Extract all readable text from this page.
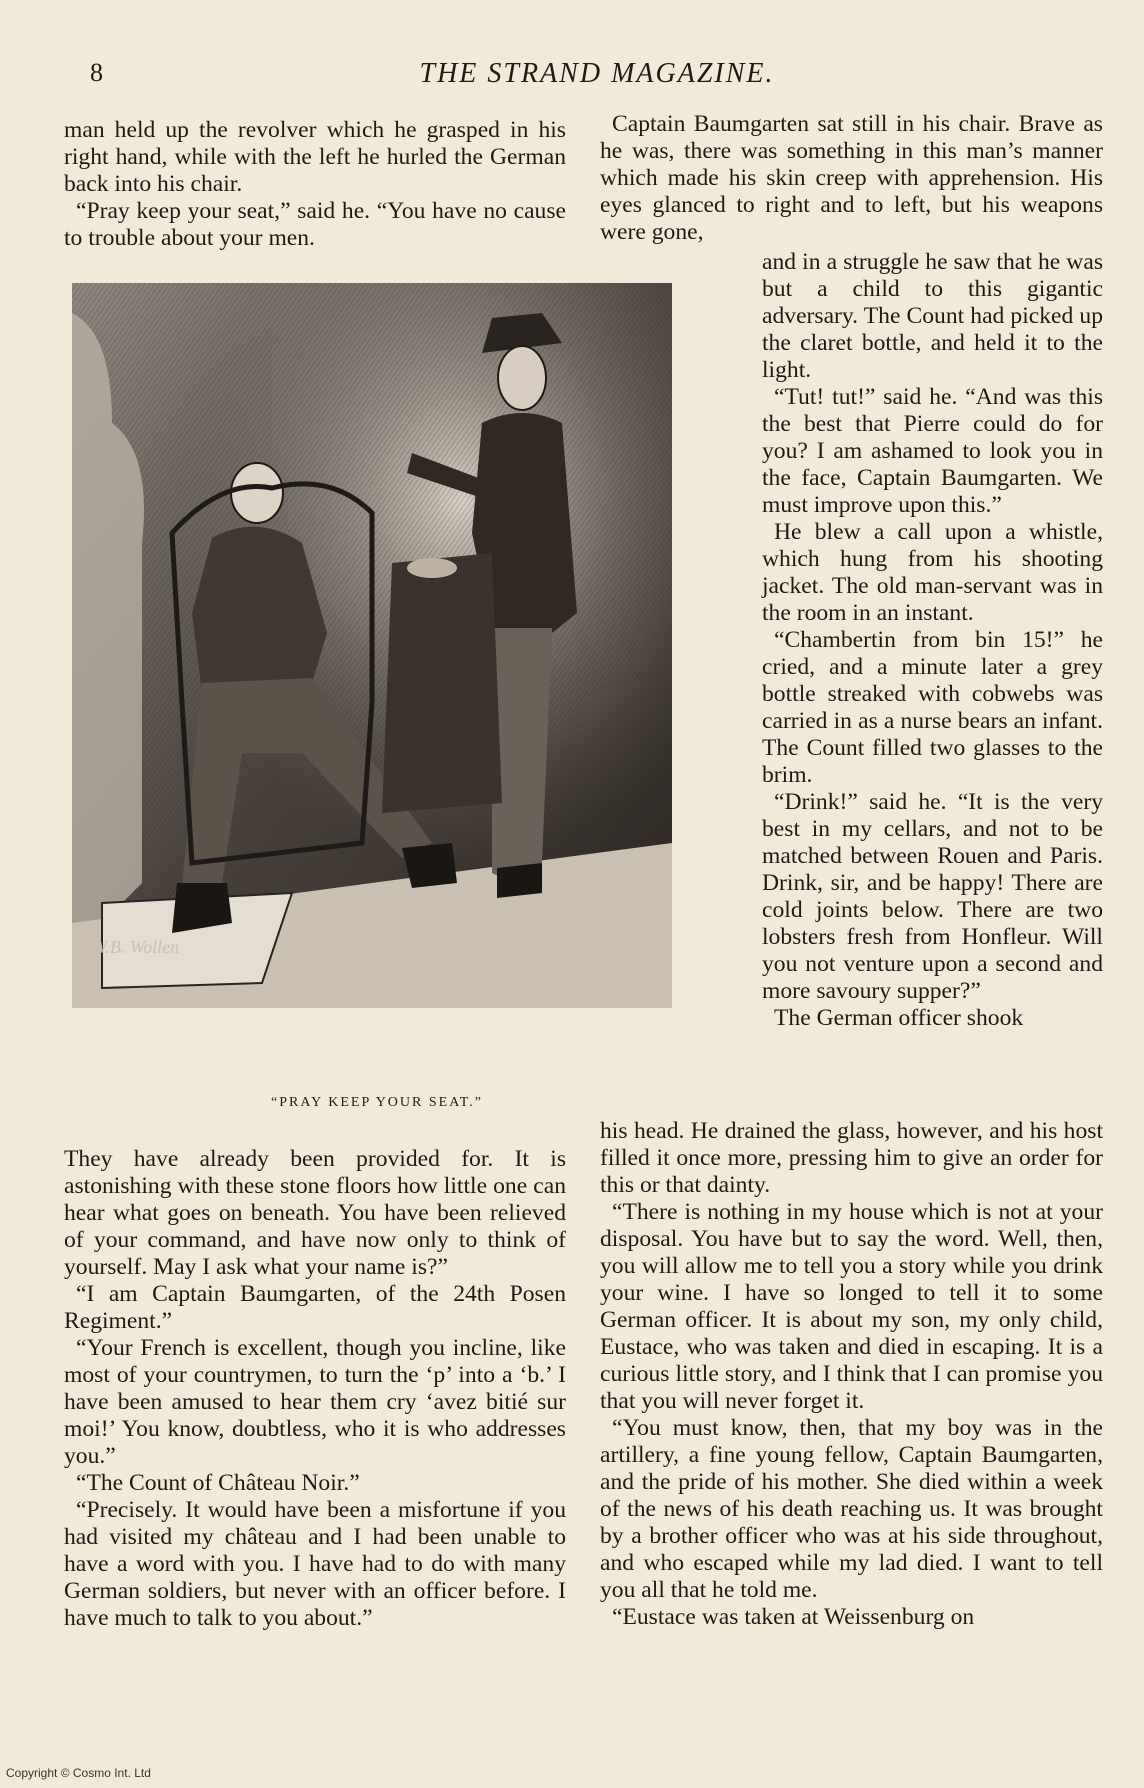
8	THE STRAND MAGAZINE.

man held up the revolver which he grasped in his right hand, while with the left he hurled the German back into his chair.

“Pray keep your seat,” said he. “You have no cause to trouble about your men.

W.B. Wollen
“PRAY KEEP YOUR SEAT.”

They have already been provided for. It is astonishing with these stone floors how little one can hear what goes on beneath. You have been relieved of your command, and have now only to think of yourself. May I ask what your name is?”

“I am Captain Baumgarten, of the 24th Posen Regiment.”

“Your French is excellent, though you incline, like most of your countrymen, to turn the ‘p’ into a ‘b.’ I have been amused to hear them cry ‘avez bitié sur moi!’ You know, doubtless, who it is who addresses you.”

“The Count of Château Noir.”

“Precisely. It would have been a misfortune if you had visited my château and I had been unable to have a word with you. I have had to do with many German soldiers, but never with an officer before. I have much to talk to you about.”

Captain Baumgarten sat still in his chair. Brave as he was, there was something in this man’s manner which made his skin creep with apprehension. His eyes glanced to right and to left, but his weapons were gone,

and in a struggle he saw that he was but a child to this gigantic adversary. The Count had picked up the claret bottle, and held it to the light.

“Tut! tut!” said he. “And was this the best that Pierre could do for you? I am ashamed to look you in the face, Captain Baumgarten. We must improve upon this.”

He blew a call upon a whistle, which hung from his shooting jacket. The old man-servant was in the room in an instant.

“Chambertin from bin 15!” he cried, and a minute later a grey bottle streaked with cobwebs was carried in as a nurse bears an infant. The Count filled two glasses to the brim.

“Drink!” said he. “It is the very best in my cellars, and not to be matched between Rouen and Paris. Drink, sir, and be happy! There are cold joints below. There are two lobsters fresh from Honfleur. Will you not venture upon a second and more savoury supper?”

The German officer shook

his head. He drained the glass, however, and his host filled it once more, pressing him to give an order for this or that dainty.

“There is nothing in my house which is not at your disposal. You have but to say the word. Well, then, you will allow me to tell you a story while you drink your wine. I have so longed to tell it to some German officer. It is about my son, my only child, Eustace, who was taken and died in escaping. It is a curious little story, and I think that I can promise you that you will never forget it.

“You must know, then, that my boy was in the artillery, a fine young fellow, Captain Baumgarten, and the pride of his mother. She died within a week of the news of his death reaching us. It was brought by a brother officer who was at his side throughout, and who escaped while my lad died. I want to tell you all that he told me.

“Eustace was taken at Weissenburg on

Copyright © Cosmo Int. Ltd
